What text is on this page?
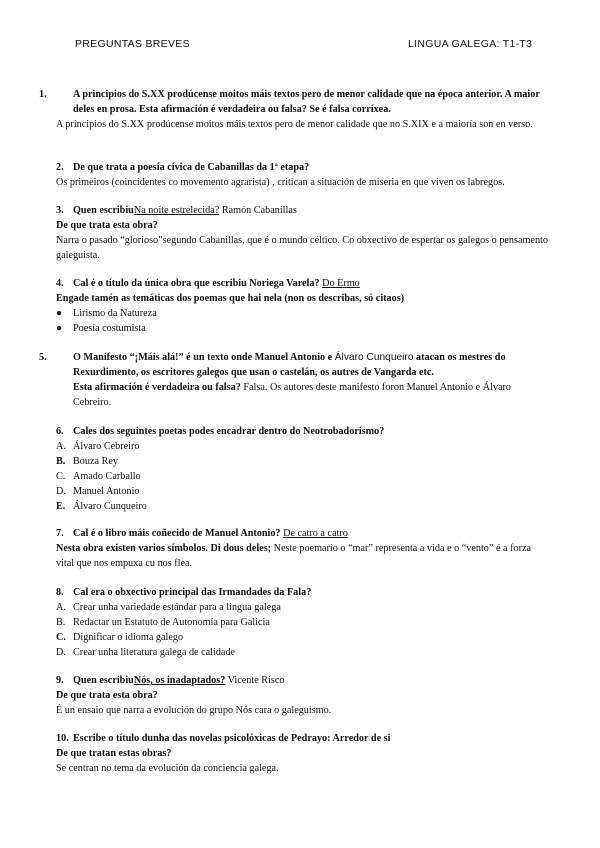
PREGUNTAS BREVES	LINGUA GALEGA: T1-T3
1.	A principios do S.XX prodúcense moitos máis textos pero de menor calidade que na época anterior. A maior deles en prosa. Esta afirmación é verdadeira ou falsa? Se é falsa corríxea.
A principios do S.XX prodúcense moitos máis textos pero de menor calidade que no S.XIX e a maioría son en verso.
2. De que trata a poesía cívica de Cabanillas da 1ª etapa?
Os primeiros (coincidentes co movemento agrarista) , critican a situación de miseria en que viven os labregos.
3. Quen escribiuNa noite estrelecida? Ramón Cabanillas
De que trata esta obra?
Narra o pasado “glorioso”segundo Cabanillas, que é o mundo céltico. Co obxectivo de espertar os galegos o pensamento galeguista.
4. Cal é o título da única obra que escribiu Noriega Varela? Do Ermo
Engade tamén as temáticas dos poemas que hai nela (non os describas, só citaos)
● Lirismo da Natureza
● Poesía costumista
5.	O Manifesto “¡Máis alá!” é un texto onde Manuel Antonio e Álvaro Cunqueiro atacan os mestres do Rexurdimento, os escritores galegos que usan o castelán, os autres de Vangarda etc.
Esta afirmación é verdadeira ou falsa? Falsa. Os autores deste manifesto foron Manuel Antonio e Álvaro Cebreiro.
6. Cales dos seguintes poetas podes encadrar dentro do Neotrobadorismo?
A. Álvaro Cebreiro
B. Bouza Rey
C. Amado Carballo
D. Manuel Antonio
E. Álvaro Cunqueiro
7. Cal é o libro máis coñecido de Manuel Antonio? De catro a catro
Nesta obra existen varios símbolos. Di dous deles; Neste poemario o “mar” representa a vida e o “vento” é a forza vital que nos empuxa cu nos flea.
8. Cal era o obxectivo principal das Irmandades da Fala?
A. Crear unha variedade estándar para a lingua galega
B. Redactar un Estatuto de Autonomía para Galicia
C. Dignificar o idioma galego
D. Crear unha literatura galega de calidade
9. Quen escribiuNós, os inadaptados? Vicente Risco
De que trata esta obra?
É un ensaio que narra a evolución do grupo Nós cara o galeguismo.
10. Escribe o título dunha das novelas psicolóxicas de Pedrayo: Arredor de si
De que tratan estas obras?
Se centran no tema da evolución da conciencia galega.
